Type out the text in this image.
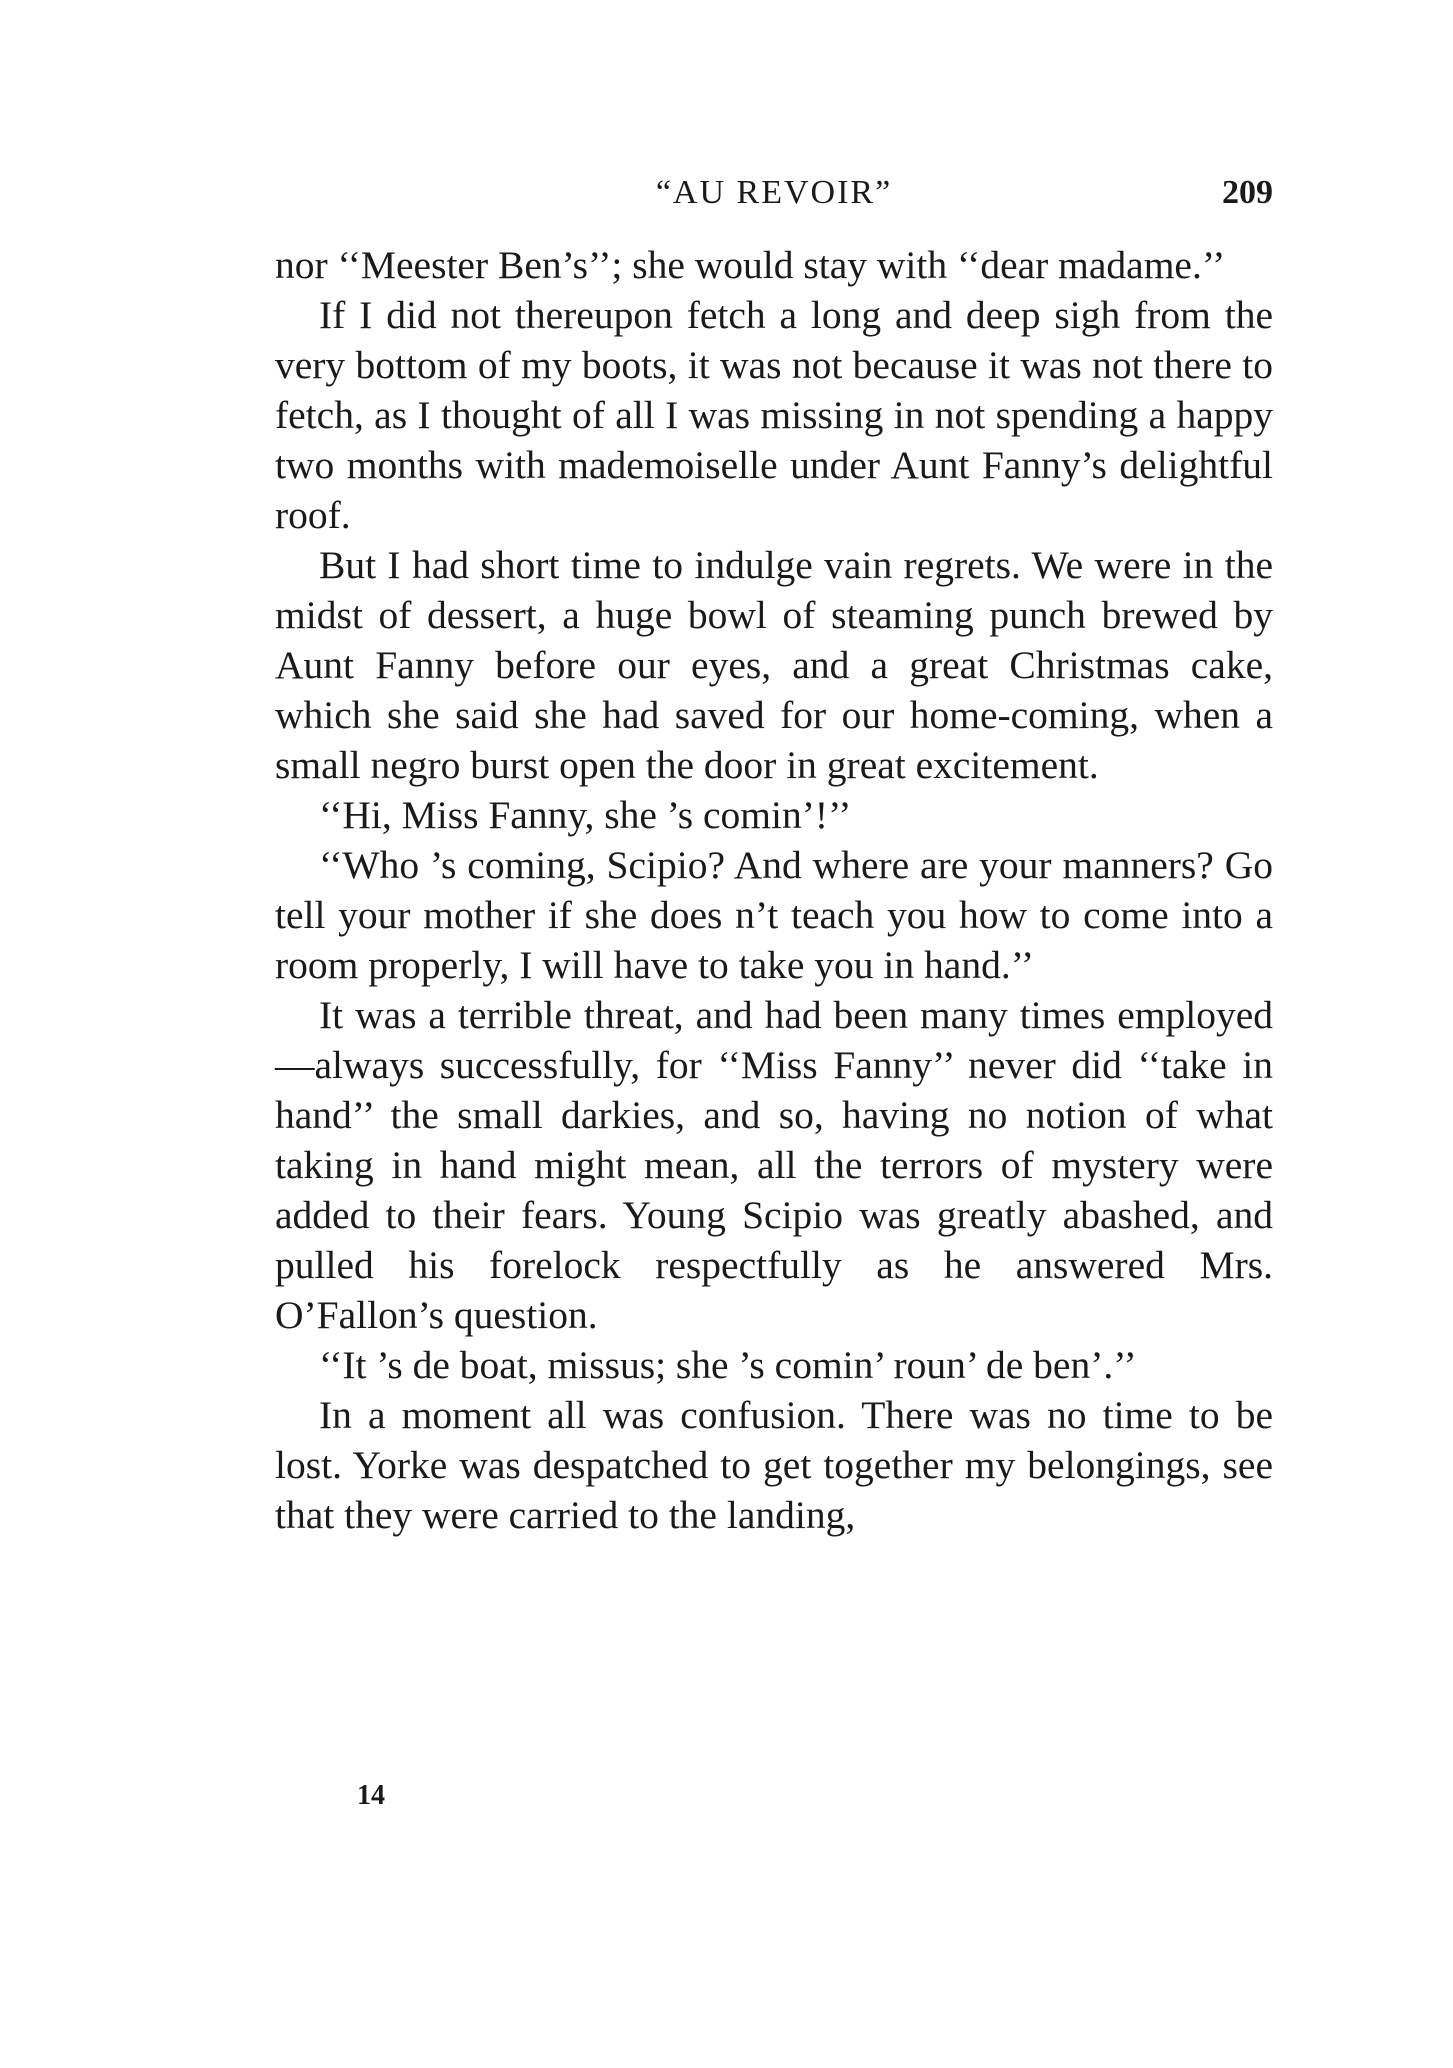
“AU REVOIR”	209

nor ‘‘Meester Ben’s’’; she would stay with ‘‘dear madame.’’

If I did not thereupon fetch a long and deep sigh from the very bottom of my boots, it was not because it was not there to fetch, as I thought of all I was missing in not spending a happy two months with mademoiselle under Aunt Fanny’s delightful roof.

But I had short time to indulge vain regrets. We were in the midst of dessert, a huge bowl of steaming punch brewed by Aunt Fanny before our eyes, and a great Christmas cake, which she said she had saved for our home-coming, when a small negro burst open the door in great excitement.

‘‘Hi, Miss Fanny, she ’s comin’!’’

‘‘Who ’s coming, Scipio? And where are your manners? Go tell your mother if she does n’t teach you how to come into a room properly, I will have to take you in hand.’’

It was a terrible threat, and had been many times employed—always successfully, for ‘‘Miss Fanny’’ never did ‘‘take in hand’’ the small darkies, and so, having no notion of what taking in hand might mean, all the terrors of mystery were added to their fears. Young Scipio was greatly abashed, and pulled his forelock respectfully as he answered Mrs. O’Fallon’s question.

‘‘It ’s de boat, missus; she ’s comin’ roun’ de ben’.’’

In a moment all was confusion. There was no time to be lost. Yorke was despatched to get together my belongings, see that they were carried to the landing,

14
